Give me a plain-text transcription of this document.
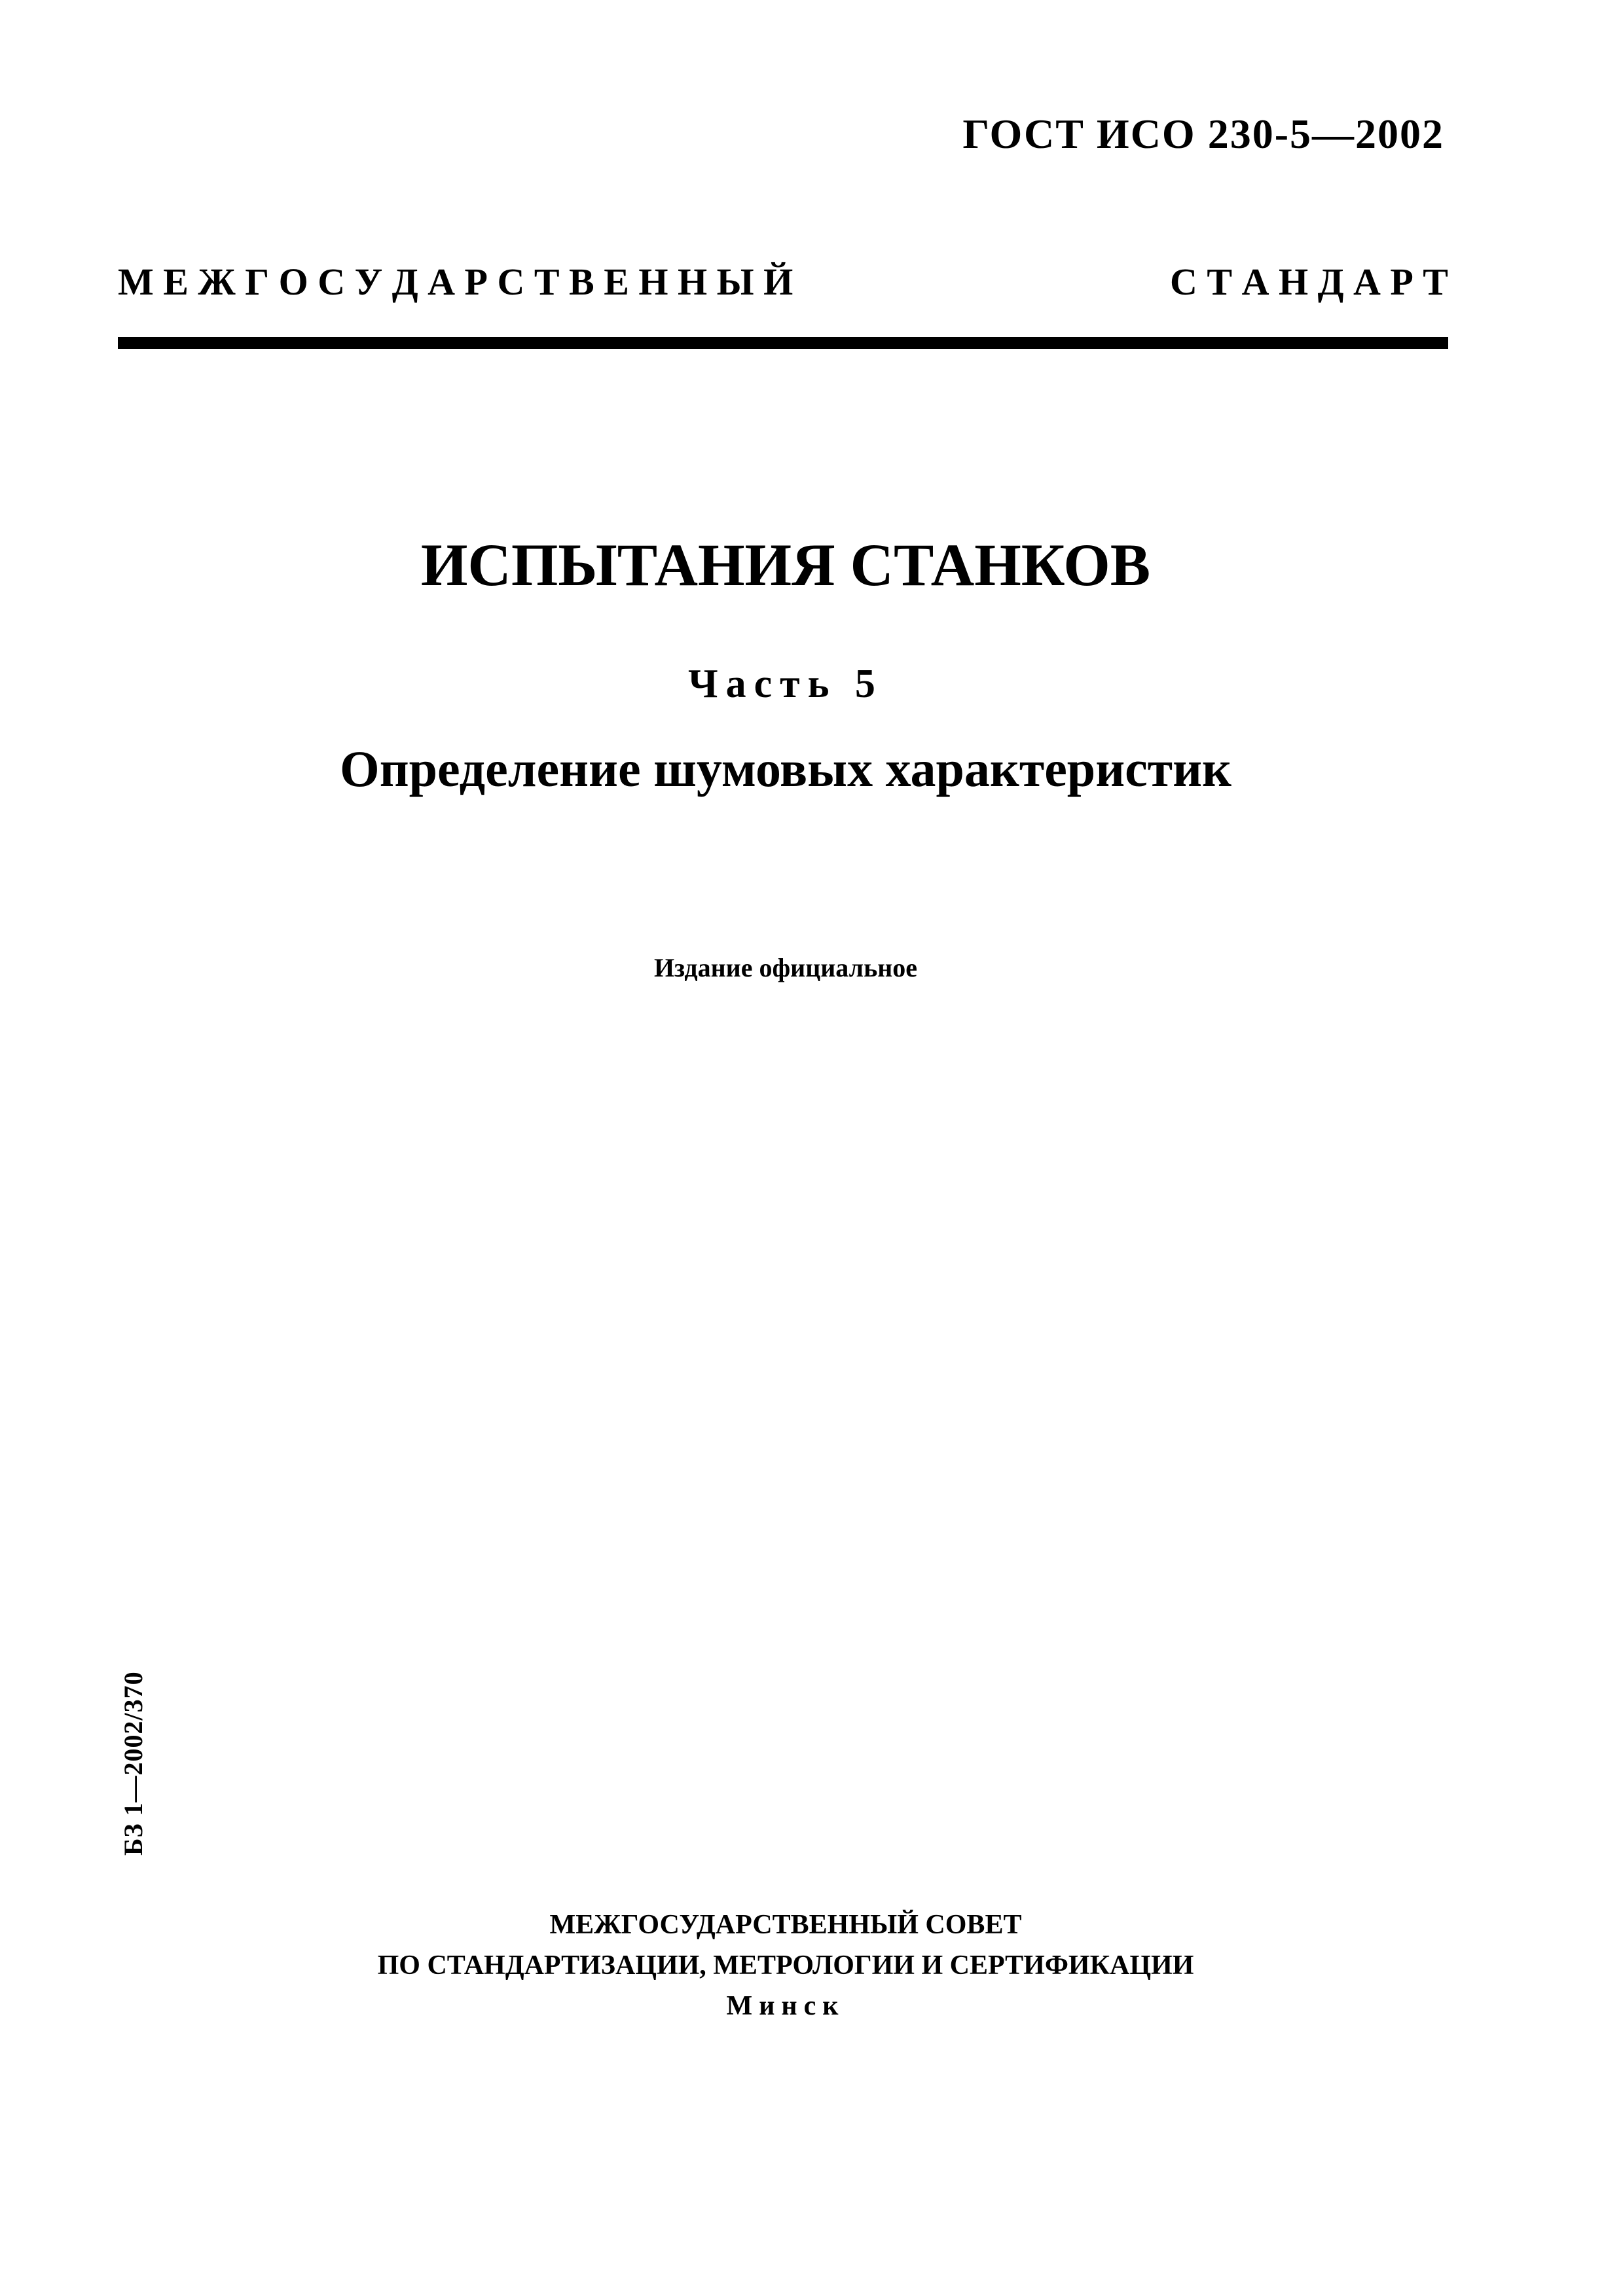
ГОСТ ИСО 230-5—2002
М Е Ж Г О С У Д А Р С Т В Е Н Н Ы Й	С Т А Н Д А Р Т
ИСПЫТАНИЯ СТАНКОВ
Часть 5
Определение шумовых характеристик
Издание официальное
БЗ 1—2002/370
МЕЖГОСУДАРСТВЕННЫЙ СОВЕТ
ПО СТАНДАРТИЗАЦИИ, МЕТРОЛОГИИ И СЕРТИФИКАЦИИ
Минск
